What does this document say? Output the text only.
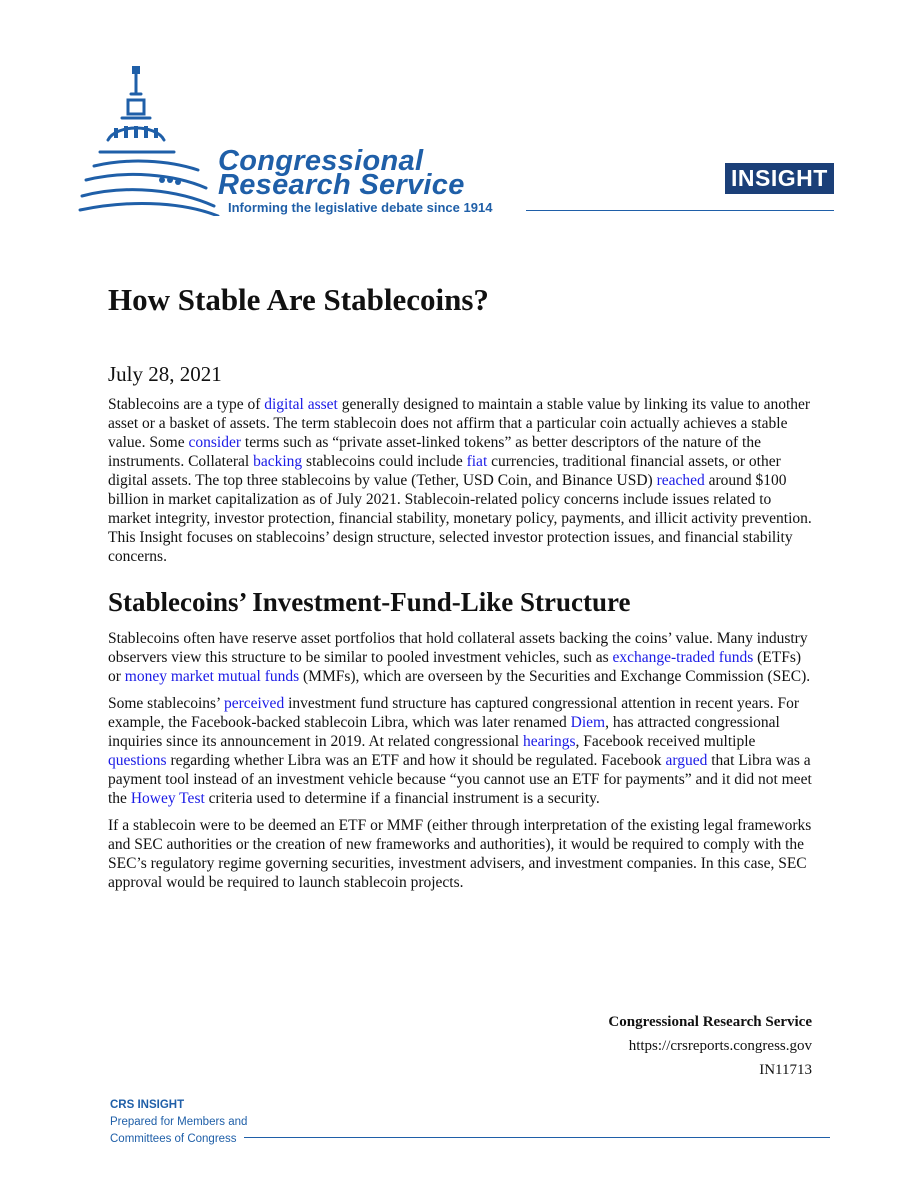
Congressional
Research Service
Informing the legislative debate since 1914
INSIGHT
How Stable Are Stablecoins?
July 28, 2021

Stablecoins are a type of digital asset generally designed to maintain a stable value by linking its value to another asset or a basket of assets. The term stablecoin does not affirm that a particular coin actually achieves a stable value. Some consider terms such as “private asset-linked tokens” as better descriptors of the nature of the instruments. Collateral backing stablecoins could include fiat currencies, traditional financial assets, or other digital assets. The top three stablecoins by value (Tether, USD Coin, and Binance USD) reached around $100 billion in market capitalization as of July 2021. Stablecoin-related policy concerns include issues related to market integrity, investor protection, financial stability, monetary policy, payments, and illicit activity prevention. This Insight focuses on stablecoins’ design structure, selected investor protection issues, and financial stability concerns.

Stablecoins’ Investment-Fund-Like Structure

Stablecoins often have reserve asset portfolios that hold collateral assets backing the coins’ value. Many industry observers view this structure to be similar to pooled investment vehicles, such as exchange-traded funds (ETFs) or money market mutual funds (MMFs), which are overseen by the Securities and Exchange Commission (SEC).

Some stablecoins’ perceived investment fund structure has captured congressional attention in recent years. For example, the Facebook-backed stablecoin Libra, which was later renamed Diem, has attracted congressional inquiries since its announcement in 2019. At related congressional hearings, Facebook received multiple questions regarding whether Libra was an ETF and how it should be regulated. Facebook argued that Libra was a payment tool instead of an investment vehicle because “you cannot use an ETF for payments” and it did not meet the Howey Test criteria used to determine if a financial instrument is a security.

If a stablecoin were to be deemed an ETF or MMF (either through interpretation of the existing legal frameworks and SEC authorities or the creation of new frameworks and authorities), it would be required to comply with the SEC’s regulatory regime governing securities, investment advisers, and investment companies. In this case, SEC approval would be required to launch stablecoin projects.

Congressional Research Service
https://crsreports.congress.gov
IN11713
CRS INSIGHT
Prepared for Members and
Committees of Congress
